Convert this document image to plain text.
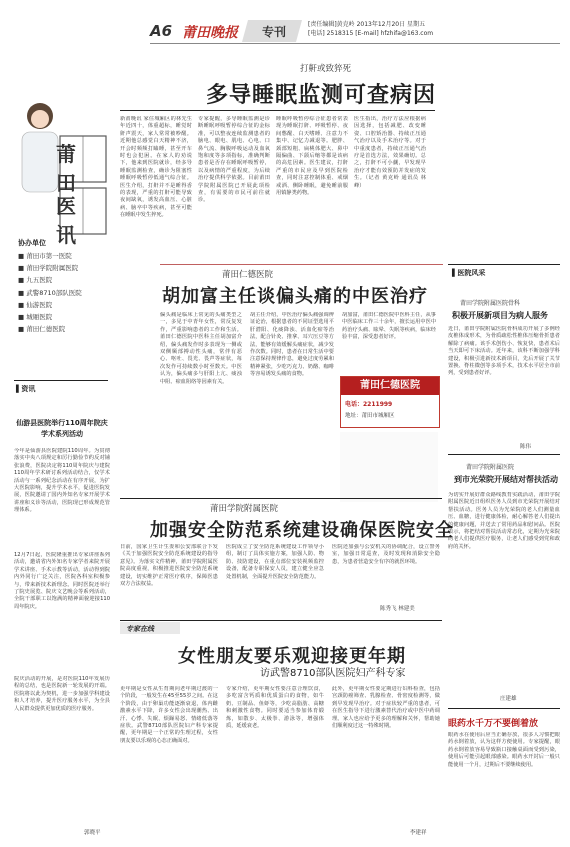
A6 莆田晚报 专刊
[责任编辑]黄克岭 2013年12月20日 星期五
[电话] 2518315 [E-mail] hfzhifa@163.com
莆田
医讯
协办单位
■ 莆田市第一医院
■ 莆田学院附属医院
■ 九五医院
■ 武警8710部队医院
■ 仙游医院
■ 城厢医院
■ 莆田仁德医院
▌资讯
仙游县医院举行110周年院庆学术系列活动
今年是仙游县医院建院110周年。为贯彻落实中央八项规定和厉行勤俭节约反对铺张浪费，医院决定将110周年院庆与建院110周年学术研讨系列活动结合，仅学术活动与一系列纪念活动在有序开展，为扩大医院影响，提升学术水平，促进医院发展，医院邀请了国内外知名专家开展学术讲座和义诊等活动，医院现已形成规范管理体系。
12月7日起，医院隆重推出专家讲座系列活动，邀请省内外知名专家学者来院开展学术讲座、手术示教等活动，活动得到院内外同行广泛关注，医院各科室积极参与，带来新技术新理念。同时医院还举行了院史展览、院庆文艺晚会等系列活动，全院干部职工以饱满的精神面貌迎接110周年院庆。
院庆活动的开展，是对医院110年发展历程的总结，也是医院新一轮发展的开端。医院将以此为契机，进一步加强学科建设和人才培养，提升医疗服务水平，为全县人民群众提供更加优质的医疗服务。
郭晓平
打鼾或致猝死
多导睡眠监测可查病因
新莆晚讯 家住城厢区的林先生年近四十，体重超标，睡觉时鼾声震天，家人常常被吵醒。近期他总感觉白天精神不济，开会时频频打瞌睡，甚至开车时也会犯困。在家人的劝说下，他来到医院就诊，经多导睡眠监测检查，确诊为阻塞性睡眠呼吸暂停低通气综合征。医生介绍，打鼾并不是睡得香的表现，严重的打鼾可能导致夜间缺氧，诱发高血压、心脏病、脑卒中等疾病，甚至可能在睡眠中发生猝死。
专家提醒，多导睡眠监测是诊断睡眠呼吸暂停综合征的金标准，可以整夜连续监测患者的脑电、眼电、肌电、心电、口鼻气流、胸腹呼吸运动及血氧饱和度等多项指标，准确判断患者是否存在睡眠呼吸暂停，以及病情的严重程度，为后续治疗提供科学依据。目前莆田学院附属医院已开展此项检查，有需要的市民可前往就诊。
睡眠呼吸暂停综合征患者常表现为睡眠打鼾、呼吸暂停、夜间憋醒、白天嗜睡、注意力不集中、记忆力减退等。肥胖、颈部短粗、扁桃体肥大、鼻中隔偏曲、下颌后缩等都是该病的高危因素。医生建议，打鼾严重的市民应及早到医院检查，同时注意控制体重、戒烟戒酒、侧卧睡眠，避免睡前服用镇静类药物。
医生指出，治疗方法应根据病因选择，包括减肥、改变睡姿、口腔矫治器、持续正压通气治疗以及手术治疗等。对于中重度患者，持续正压通气治疗是首选方法，效果确切。总之，打鼾不可小觑，早发现早治疗才能有效预防并发症的发生。（记者 黄克岭 通讯员 林峰）
莆田仁德医院
胡加富主任谈偏头痛的中医治疗
偏头痛是临床上常见的头痛类型之一，多见于中青年女性，常反复发作，严重影响患者的工作和生活。莆田仁德医院中医科主任胡加富介绍，偏头痛发作时多表现为一侧或双侧颞部搏动性头痛，常伴有恶心、呕吐、畏光、畏声等症状，每次发作可持续数小时至数天。中医认为，偏头痛多与肝阳上亢、痰浊中阻、瘀血阻络等因素有关。
胡主任介绍，中医治疗偏头痛强调辨证论治，根据患者的不同证型选用平肝潜阳、化痰降浊、活血化瘀等治法，配合针灸、推拿、耳穴压豆等方法，能够有效缓解头痛症状，减少发作次数。同时，患者在日常生活中要注意保持规律作息，避免过度劳累和精神紧张，少吃巧克力、奶酪、咖啡等容易诱发头痛的食物。
胡加富，莆田仁德医院中医科主任，从事中医临床工作三十余年，擅长运用中医中药治疗头痛、眩晕、失眠等疾病，临床经验丰富，深受患者好评。
莆田仁德医院
电话：2211999
地址：莆田市城厢区
莆田学院附属医院
加强安全防范系统建设确保医院安全
日前，国家卫生计生委和公安部联合下发《关于加强医院安全防范系统建设的指导意见》。为落实文件精神，莆田学院附属医院高度重视，积极推进医院安全防范系统建设，切实维护正常医疗秩序，保障医患双方合法权益。
医院成立了安全防范系统建设工作领导小组，制订了具体实施方案，加强人防、物防、技防建设，在重点部位安装视频监控设备，配备专职保安人员，建立健全应急处置机制，全面提升医院安全防范能力。
医院还加强与公安机关的协调配合，设立警务室，加强日常巡查，及时发现和消除安全隐患，为患者营造安全有序的就医环境。
陈秀飞 林建美
专家在线
女性朋友要乐观迎接更年期
访武警8710部队医院妇产科专家
更年期是女性从生育期向老年期过渡的一个阶段，一般发生在45至55岁之间。在这个阶段，由于卵巢功能逐渐衰退，体内雌激素水平下降，许多女性会出现潮热、出汗、心悸、失眠、烦躁易怒、情绪低落等症状。武警8710部队医院妇产科专家提醒，更年期是一个正常的生理过程，女性朋友要以乐观的心态正确面对。
专家介绍，更年期女性要注意合理饮食，多吃富含钙质和优质蛋白的食物，如牛奶、豆制品、鱼虾等，少吃高脂肪、高糖和刺激性食物。同时要适当参加体育锻炼，如散步、太极拳、游泳等，增强体质，延缓衰老。
此外，更年期女性要定期进行妇科检查，包括宫颈防癌筛查、乳腺检查、骨密度检测等，做到早发现早治疗。对于症状较严重的患者，可在医生指导下进行激素替代治疗或中医中药调理。家人也应给予更多的理解和关怀，帮助她们顺利度过这一特殊时期。
李建祥
▌医院风采
莆田学院附属医院骨科
积极开展新项目为病人服务
近日，莆田学院附属医院骨科成功开展了多例经皮椎体成形术，为骨质疏松性椎体压缩骨折患者解除了病痛。该手术创伤小、恢复快，患者术后当天即可下床活动。近年来，该科不断加强学科建设，积极引进新技术新项目，先后开展了关节置换、脊柱微创等多项手术，技术水平居全市前列，受到患者好评。
陈伟
莆田学院附属医院
到市光荣院开展结对帮扶活动
为切实开展好群众路线教育实践活动，莆田学院附属医院近日组织医务人员到市光荣院开展结对帮扶活动。医务人员为光荣院的老人们测量血压、血糖，进行健康体检，耐心解答老人们提出的健康问题，并送去了常用药品和慰问品。医院表示，将把结对帮扶活动常态化，定期为光荣院的老人们提供医疗服务，让老人们感受到党和政府的关怀。
庄建雄
眼药水千万不要倒着放
眼药水在使用后应当正确存放，很多人习惯把眼药水倒着放，认为这样方便使用。专家提醒，眼药水倒着放容易导致瓶口接触桌面而受到污染，使用后可能引起眼部感染。眼药水开封后一般只能使用一个月，过期后不要继续使用。
